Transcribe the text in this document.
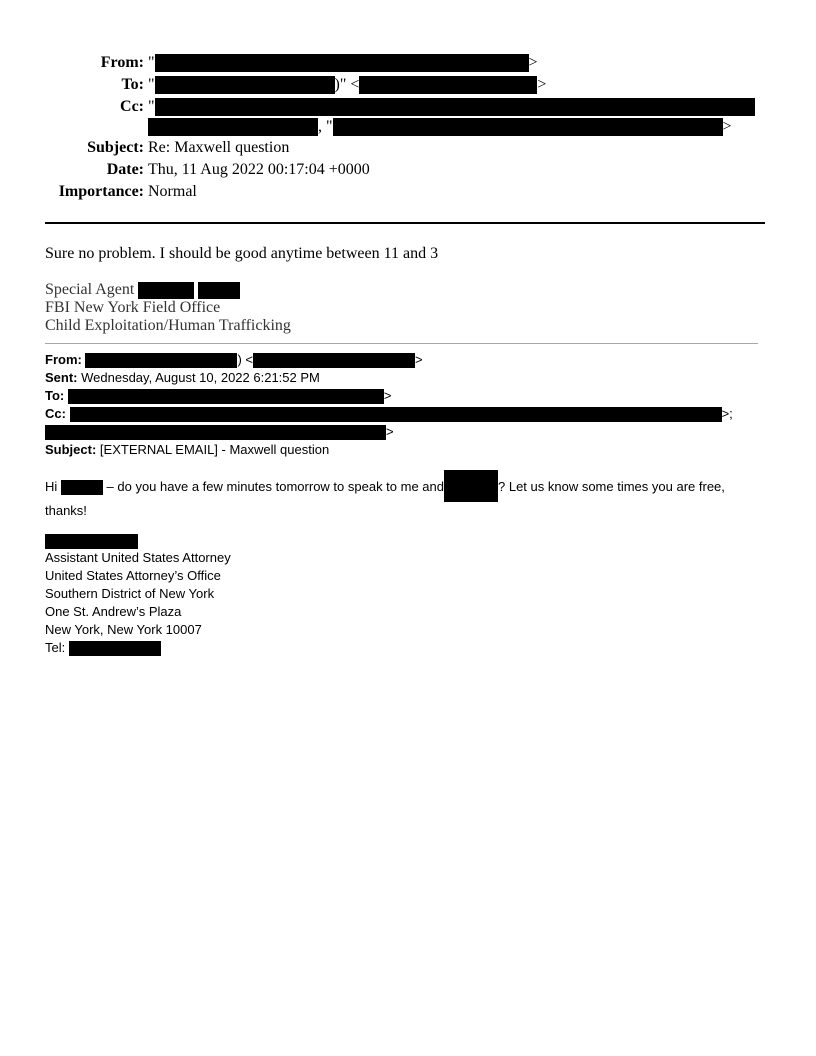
From: "	>
To: "	)" <	>
Cc: "
, "	>
Subject: Re: Maxwell question
Date: Thu, 11 Aug 2022 00:17:04 +0000
Importance: Normal
Sure no problem. I should be good anytime between 11 and 3
Special Agent
FBI New York Field Office
Child Exploitation/Human Trafficking
From:	) <	>
Sent: Wednesday, August 10, 2022 6:21:52 PM
To:	>
Cc:	>;
>
Subject: [EXTERNAL EMAIL] - Maxwell question
Hi	– do you have a few minutes tomorrow to speak to me and	? Let us know some times you are free,
thanks!
Assistant United States Attorney
United States Attorney’s Office
Southern District of New York
One St. Andrew’s Plaza
New York, New York 10007
Tel:
